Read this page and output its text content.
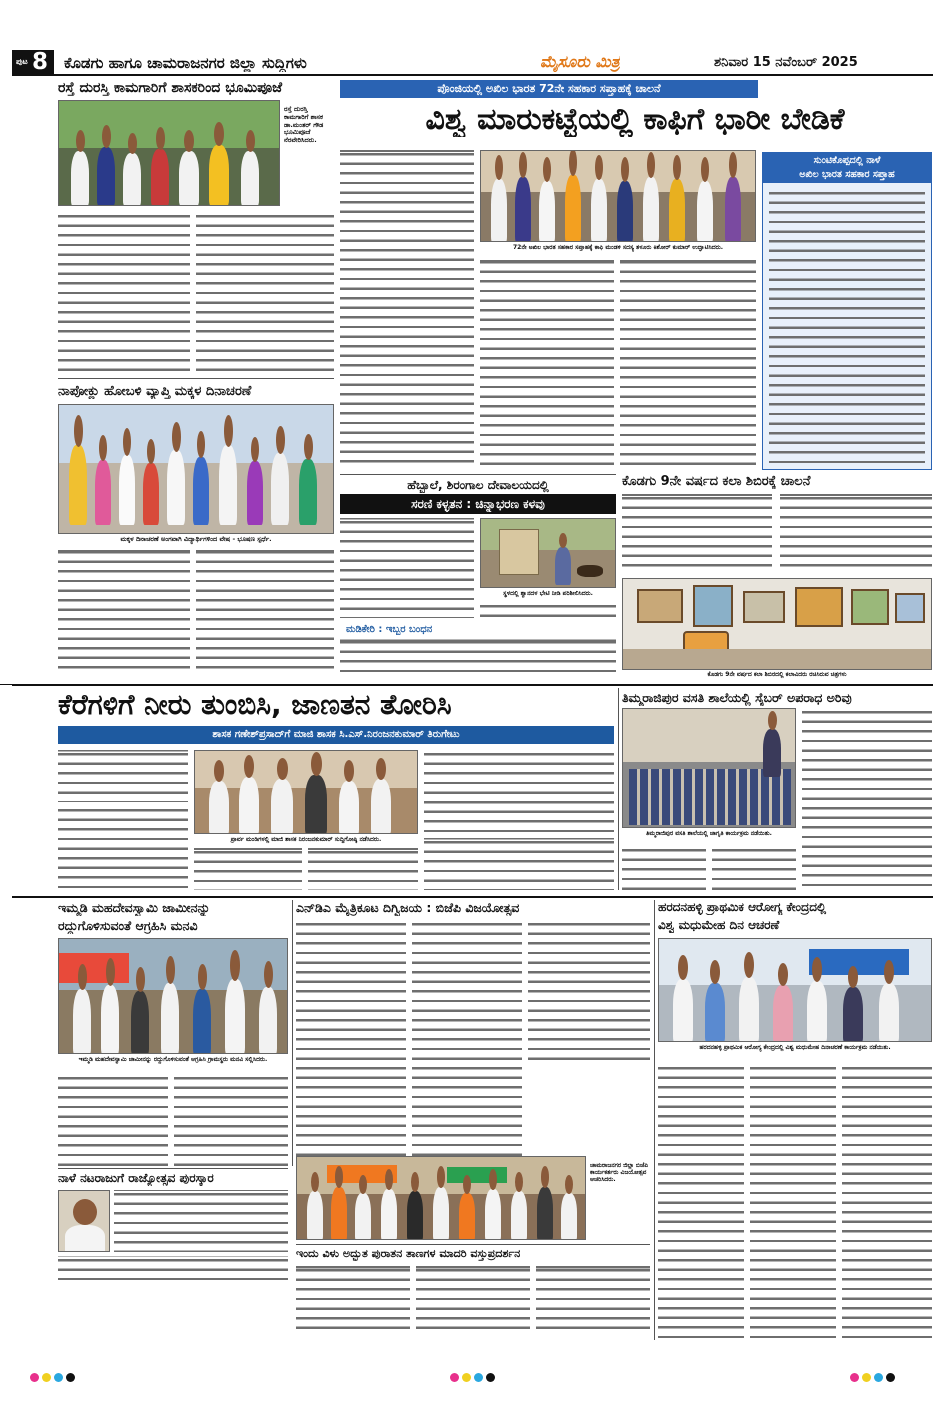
ಪುಟ 8 ಕೊಡಗು ಹಾಗೂ ಚಾಮರಾಜನಗರ ಜಿಲ್ಲಾ ಸುದ್ದಿಗಳು	ಮೈಸೂರು ಮಿತ್ರ	ಶನಿವಾರ 15 ನವೆಂಬರ್ 2025
ರಸ್ತೆ ದುರಸ್ತಿ ಕಾಮಗಾರಿಗೆ ಶಾಸಕರಿಂದ ಭೂಮಿಪೂಜೆ
ರಸ್ತೆ ದುರಸ್ತಿ ಕಾಮಗಾರಿಗೆ ಶಾಸಕ ಡಾ.ಮಂತರ್ ಗೌಡ ಭೂಮಿಪೂಜೆ ನೆರವೇರಿಸಿದರು.
ನಾಪೋಕ್ಲು ಹೋಬಳಿ ವ್ಯಾಪ್ತಿ ಮಕ್ಕಳ ದಿನಾಚರಣೆ
ಮಕ್ಕಳ ದಿನಾಚರಣೆ ಅಂಗವಾಗಿ ವಿದ್ಯಾರ್ಥಿಗಳಿಂದ ವೇಷ - ಭೂಷಣ ಸ್ಪರ್ಧೆ.
ಪೊಂಜಿಯಲ್ಲಿ ಅಖಿಲ ಭಾರತ 72ನೇ ಸಹಕಾರ ಸಪ್ತಾಹಕ್ಕೆ ಚಾಲನೆ
ವಿಶ್ವ ಮಾರುಕಟ್ಟೆಯಲ್ಲಿ ಕಾಫಿಗೆ ಭಾರೀ ಬೇಡಿಕೆ
72ನೇ ಅಖಿಲ ಭಾರತ ಸಹಕಾರ ಸಪ್ತಾಹಕ್ಕೆ ಕಾಫಿ ಮಂಡಳಿ ಸದಸ್ಯ ತಳೂರು ಕಿಶೋರ್ ಕುಮಾರ್ ಉದ್ಘಾಟಿಸಿದರು.
ಸುಂಟಿಕೊಪ್ಪದಲ್ಲಿ ನಾಳೆ
ಅಖಿಲ ಭಾರತ ಸಹಕಾರ ಸಪ್ತಾಹ
ಹೆಬ್ಬಾಲೆ, ಶಿರಂಗಾಲ ದೇವಾಲಯದಲ್ಲಿ
ಸರಣಿ ಕಳ್ಳತನ : ಚಿನ್ನಾಭರಣ ಕಳವು
ಸ್ಥಳದಲ್ಲಿ ಶ್ವಾನದಳ ಭೇಟಿ ನೀಡಿ ಪರಿಶೀಲಿಸಿದರು.
ಮಡಿಕೇರಿ : ಇಬ್ಬರ ಬಂಧನ
ಕೊಡಗು 9ನೇ ವರ್ಷದ ಕಲಾ ಶಿಬಿರಕ್ಕೆ ಚಾಲನೆ
ಕೊಡಗು 9ನೇ ವರ್ಷದ ಕಲಾ ಶಿಬಿರದಲ್ಲಿ ಕಲಾವಿದರು ರಚಿಸಿರುವ ಚಿತ್ರಗಳು
ಕೆರೆಗಳಿಗೆ ನೀರು ತುಂಬಿಸಿ, ಜಾಣತನ ತೋರಿಸಿ
ಶಾಸಕ ಗಣೇಶ್‌ಪ್ರಸಾದ್‌ಗೆ ಮಾಜಿ ಶಾಸಕ ಸಿ.ಎಸ್.ನಿರಂಜನಕುಮಾರ್ ತಿರುಗೇಟು
ಪ್ರಾರ್ವ ಮಂಡಿಗಳಲ್ಲಿ ಮಾಜಿ ಶಾಸಕ ನಿರಂಜನಕುಮಾರ್ ಸುದ್ದಿಗೋಷ್ಠಿ ನಡೆಸಿದರು.
ತಿಮ್ಮರಾಜಿಪುರ ವಸತಿ ಶಾಲೆಯಲ್ಲಿ ಸೈಬರ್ ಅಪರಾಧ ಅರಿವು
ತಿಮ್ಮರಾಜಿಪುರ ವಸತಿ ಶಾಲೆಯಲ್ಲಿ ಜಾಗೃತಿ ಕಾರ್ಯಕ್ರಮ ನಡೆಯಿತು.
ಇಮ್ಮಡಿ ಮಹದೇವಸ್ವಾಮಿ ಜಾಮೀನನ್ನು
ರದ್ದುಗೊಳಿಸುವಂತೆ ಆಗ್ರಹಿಸಿ ಮನವಿ
ಇಮ್ಮಡಿ ಮಹದೇವಸ್ವಾಮಿ ಜಾಮೀನನ್ನು ರದ್ದುಗೊಳಿಸುವಂತೆ ಆಗ್ರಹಿಸಿ ಗ್ರಾಮಸ್ಥರು ಮನವಿ ಸಲ್ಲಿಸಿದರು.
ನಾಳೆ ನಟರಾಜುಗೆ ರಾಜ್ಯೋತ್ಸವ ಪುರಸ್ಕಾರ
ಎನ್‌ಡಿಎ ಮೈತ್ರಿಕೂಟ ದಿಗ್ವಿಜಯ : ಬಿಜೆಪಿ ವಿಜಯೋತ್ಸವ
ಚಾಮರಾಜನಗರ ಜಿಲ್ಲಾ ಬಿಜೆಪಿ ಕಾರ್ಯಕರ್ತರು ವಿಜಯೋತ್ಸವ ಆಚರಿಸಿದರು.
ಇಂದು ವಿಳು ಅದ್ಭುತ ಪುರಾತನ ತಾಣಗಳ ಮಾದರಿ ವಸ್ತುಪ್ರದರ್ಶನ
ಹರದನಹಳ್ಳಿ ಪ್ರಾಥಮಿಕ ಆರೋಗ್ಯ ಕೇಂದ್ರದಲ್ಲಿ
ವಿಶ್ವ ಮಧುಮೇಹ ದಿನ ಆಚರಣೆ
ಹರದನಹಳ್ಳಿ ಪ್ರಾಥಮಿಕ ಆರೋಗ್ಯ ಕೇಂದ್ರದಲ್ಲಿ ವಿಶ್ವ ಮಧುಮೇಹ ದಿನಾಚರಣೆ ಕಾರ್ಯಕ್ರಮ ನಡೆಯಿತು.
